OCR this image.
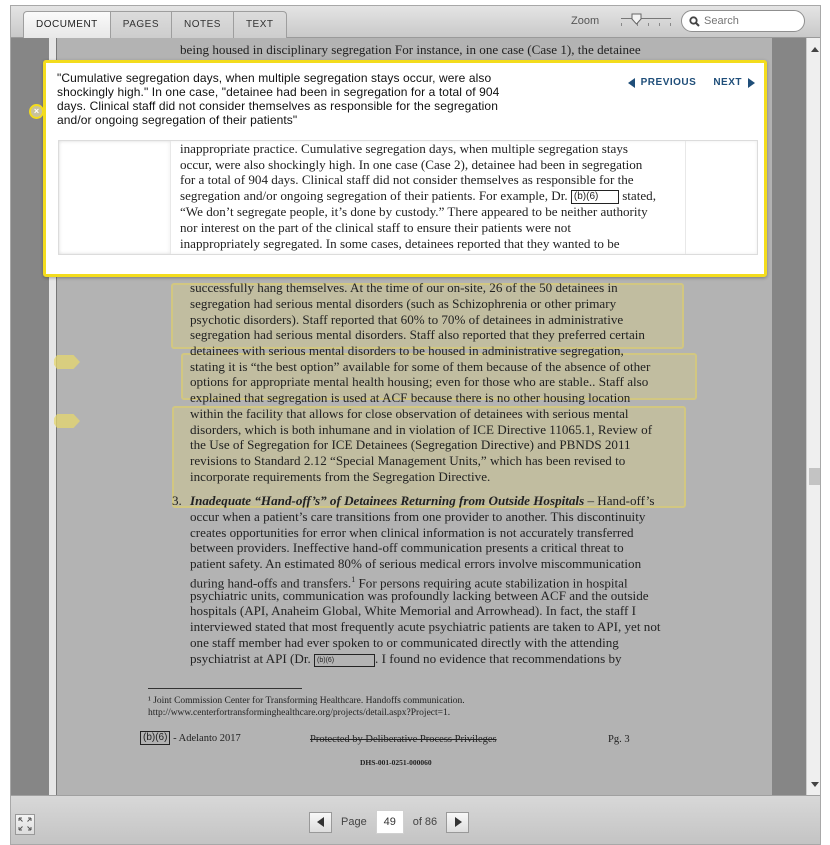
DOCUMENT	PAGES	NOTES	TEXT	Zoom
Search
being housed in disciplinary segregation For instance, in one case (Case 1), the detainee
successfully hang themselves. At the time of our on-site, 26 of the 50 detainees in
segregation had serious mental disorders (such as Schizophrenia or other primary
psychotic disorders). Staff reported that 60% to 70% of detainees in administrative
segregation had serious mental disorders. Staff also reported that they preferred certain
detainees with serious mental disorders to be housed in administrative segregation,
stating it is “the best option” available for some of them because of the absence of other
options for appropriate mental health housing; even for those who are stable.. Staff also
explained that segregation is used at ACF because there is no other housing location
within the facility that allows for close observation of detainees with serious mental
disorders, which is both inhumane and in violation of ICE Directive 11065.1, Review of
the Use of Segregation for ICE Detainees (Segregation Directive) and PBNDS 2011
revisions to Standard 2.12 “Special Management Units,” which has been revised to
incorporate requirements from the Segregation Directive.
3. Inadequate “Hand-off’s” of Detainees Returning from Outside Hospitals – Hand-off’s
occur when a patient’s care transitions from one provider to another. This discontinuity
creates opportunities for error when clinical information is not accurately transferred
between providers. Ineffective hand-off communication presents a critical threat to
patient safety. An estimated 80% of serious medical errors involve miscommunication
during hand-offs and transfers.$^1$ For persons requiring acute stabilization in hospital
psychiatric units, communication was profoundly lacking between ACF and the outside
hospitals (API, Anaheim Global, White Memorial and Arrowhead). In fact, the staff I
interviewed stated that most frequently acute psychiatric patients are taken to API, yet not
one staff member had ever spoken to or communicated directly with the attending
psychiatrist at API (Dr. (b)(6)	. I found no evidence that recommendations by
¹ Joint Commission Center for Transforming Healthcare. Handoffs communication.
http://www.centerfortransforminghealthcare.org/projects/detail.aspx?Project=1.
(b)(6) - Adelanto 2017	Protected by Deliberative Process Privileges	Pg. 3
DHS-001-0251-000060
Page
49	of 86
"Cumulative segregation days, when multiple segregation stays occur, were also
shockingly high." In one case, "detainee had been in segregation for a total of 904
days. Clinical staff did not consider themselves as responsible for the segregation
and/or ongoing segregation of their patients"
PREVIOUS NEXT
inappropriate practice. Cumulative segregation days, when multiple segregation stays
occur, were also shockingly high. In one case (Case 2), detainee had been in segregation
for a total of 904 days. Clinical staff did not consider themselves as responsible for the
segregation and/or ongoing segregation of their patients. For example, Dr. (b)(6) stated,
“We don’t segregate people, it’s done by custody.” There appeared to be neither authority
nor interest on the part of the clinical staff to ensure their patients were not
inappropriately segregated. In some cases, detainees reported that they wanted to be
×
